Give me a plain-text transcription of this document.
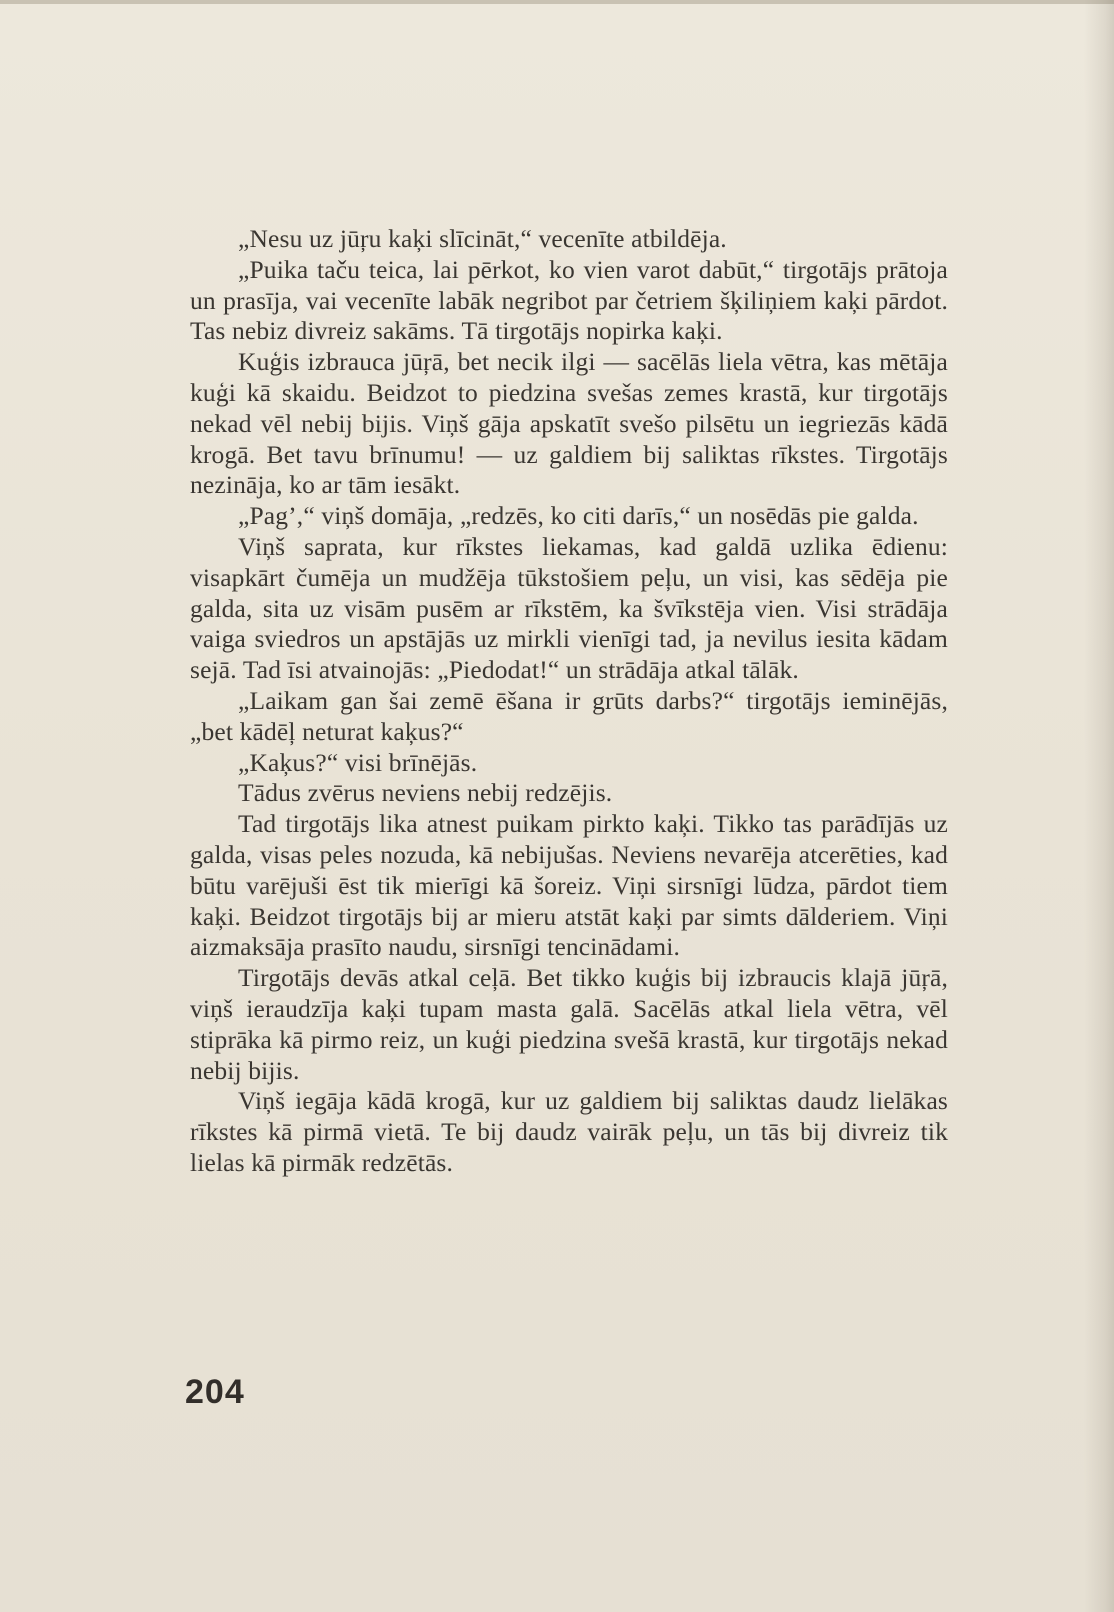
„Nesu uz jūŗu kaķi slīcināt,“ vecenīte atbildēja.

„Puika taču teica, lai pērkot, ko vien varot dabūt,“ tirgotājs prātoja un prasīja, vai vecenīte labāk negribot par četriem šķiliņiem kaķi pārdot. Tas nebiz divreiz sakāms. Tā tirgotājs nopirka kaķi.

Kuģis izbrauca jūŗā, bet necik ilgi — sacēlās liela vētra, kas mētāja kuģi kā skaidu. Beidzot to piedzina svešas zemes krastā, kur tirgotājs nekad vēl nebij bijis. Viņš gāja apskatīt svešo pilsētu un iegriezās kādā krogā. Bet tavu brīnumu! — uz galdiem bij saliktas rīkstes. Tirgotājs nezināja, ko ar tām iesākt.

„Pag’,“ viņš domāja, „redzēs, ko citi darīs,“ un nosēdās pie galda.

Viņš saprata, kur rīkstes liekamas, kad galdā uzlika ēdienu: visapkārt čumēja un mudžēja tūkstošiem peļu, un visi, kas sēdēja pie galda, sita uz visām pusēm ar rīkstēm, ka švīkstēja vien. Visi strādāja vaiga sviedros un apstājās uz mirkli vienīgi tad, ja nevilus iesita kādam sejā. Tad īsi atvainojās: „Piedodat!“ un strādāja atkal tālāk.

„Laikam gan šai zemē ēšana ir grūts darbs?“ tirgotājs ieminējās, „bet kādēļ neturat kaķus?“

„Kaķus?“ visi brīnējās.

Tādus zvērus neviens nebij redzējis.

Tad tirgotājs lika atnest puikam pirkto kaķi. Tikko tas parādījās uz galda, visas peles nozuda, kā nebijušas. Neviens nevarēja atcerēties, kad būtu varējuši ēst tik mierīgi kā šoreiz. Viņi sirsnīgi lūdza, pārdot tiem kaķi. Beidzot tirgotājs bij ar mieru atstāt kaķi par simts dālderiem. Viņi aizmaksāja prasīto naudu, sirsnīgi tencinādami.

Tirgotājs devās atkal ceļā. Bet tikko kuģis bij izbraucis klajā jūŗā, viņš ieraudzīja kaķi tupam masta galā. Sacēlās atkal liela vētra, vēl stiprāka kā pirmo reiz, un kuģi piedzina svešā krastā, kur tirgotājs nekad nebij bijis.

Viņš iegāja kādā krogā, kur uz galdiem bij saliktas daudz lielākas rīkstes kā pirmā vietā. Te bij daudz vairāk peļu, un tās bij divreiz tik lielas kā pirmāk redzētās.

204
